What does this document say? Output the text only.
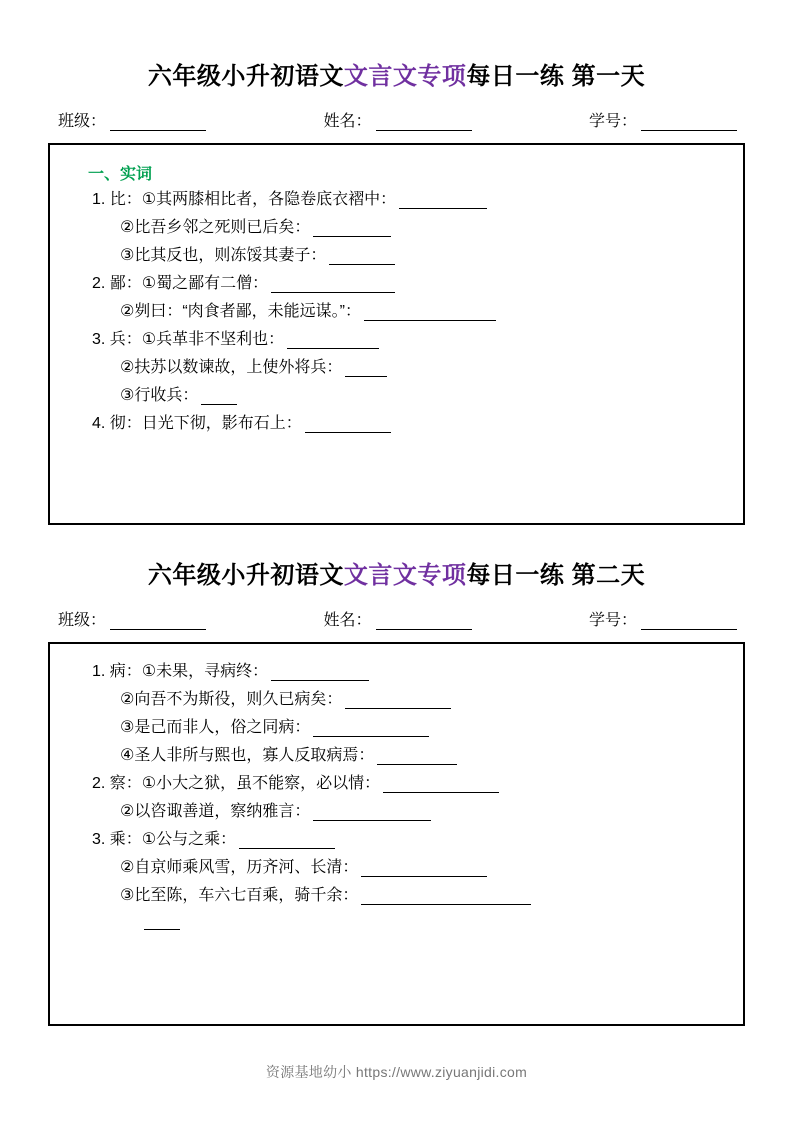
六年级小升初语文文言文专项每日一练 第一天
班级：	姓名：	学号：
一、实词
1. 比：①其两膝相比者，各隐卷底衣褶中：
②比吾乡邻之死则已后矣：
③比其反也，则冻馁其妻子：
2. 鄙：①蜀之鄙有二僧：
②刿曰：“肉食者鄙，未能远谋。”：
3. 兵：①兵革非不坚利也：
②扶苏以数谏故，上使外将兵：
③行收兵：
4. 彻：日光下彻，影布石上：
六年级小升初语文文言文专项每日一练 第二天
班级：	姓名：	学号：
1. 病：①未果，寻病终：
②向吾不为斯役，则久已病矣：
③是己而非人，俗之同病：
④圣人非所与熙也，寡人反取病焉：
2. 察：①小大之狱，虽不能察，必以情：
②以咨诹善道，察纳雅言：
3. 乘：①公与之乘：
②自京师乘风雪，历齐河、长清：
③比至陈，车六七百乘，骑千余：
资源基地幼小 https://www.ziyuanjidi.com
